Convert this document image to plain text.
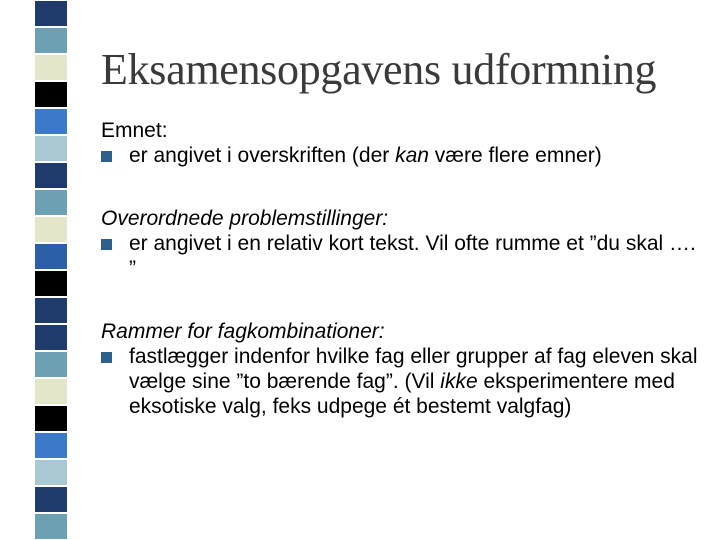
Eksamensopgavens udformning
Emnet:
er angivet i overskriften (der kan være flere emner)
Overordnede problemstillinger:
er angivet i en relativ kort tekst. Vil ofte rumme et ”du skal …. ”
Rammer for fagkombinationer:
fastlægger indenfor hvilke fag eller grupper af fag eleven skal vælge sine ”to bærende fag”. (Vil ikke eksperimentere med eksotiske valg, feks udpege ét bestemt valgfag)
